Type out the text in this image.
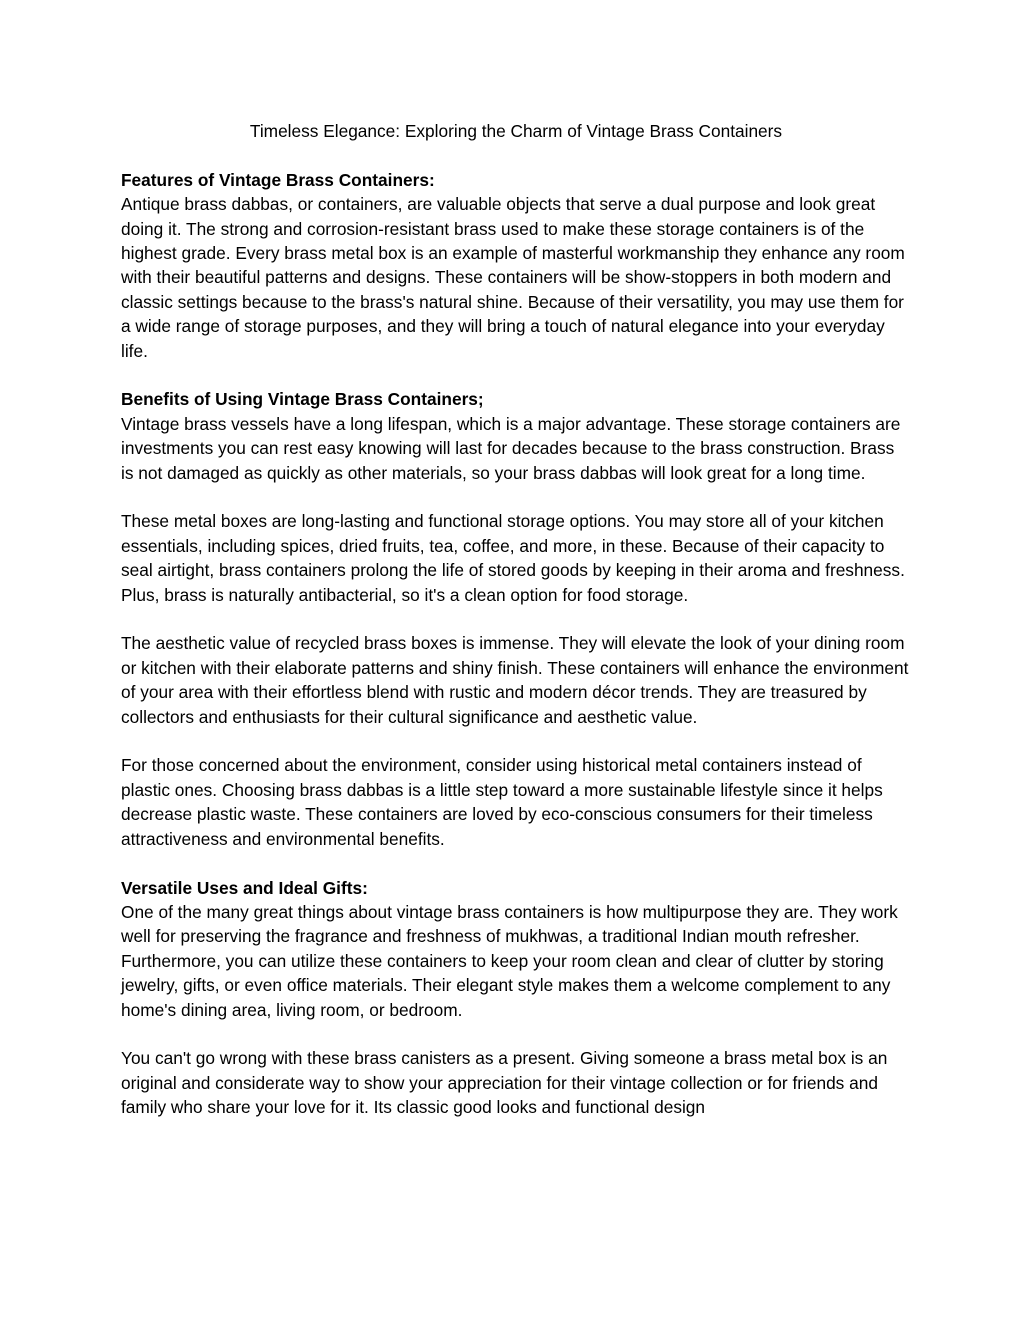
Timeless Elegance: Exploring the Charm of Vintage Brass Containers
Features of Vintage Brass Containers:

Antique brass dabbas, or containers, are valuable objects that serve a dual purpose and look great doing it. The strong and corrosion-resistant brass used to make these storage containers is of the highest grade. Every brass metal box is an example of masterful workmanship they enhance any room with their beautiful patterns and designs. These containers will be show-stoppers in both modern and classic settings because to the brass's natural shine. Because of their versatility, you may use them for a wide range of storage purposes, and they will bring a touch of natural elegance into your everyday life.

Benefits of Using Vintage Brass Containers;

Vintage brass vessels have a long lifespan, which is a major advantage. These storage containers are investments you can rest easy knowing will last for decades because to the brass construction. Brass is not damaged as quickly as other materials, so your brass dabbas will look great for a long time.

These metal boxes are long-lasting and functional storage options. You may store all of your kitchen essentials, including spices, dried fruits, tea, coffee, and more, in these. Because of their capacity to seal airtight, brass containers prolong the life of stored goods by keeping in their aroma and freshness. Plus, brass is naturally antibacterial, so it's a clean option for food storage.

The aesthetic value of recycled brass boxes is immense. They will elevate the look of your dining room or kitchen with their elaborate patterns and shiny finish. These containers will enhance the environment of your area with their effortless blend with rustic and modern décor trends. They are treasured by collectors and enthusiasts for their cultural significance and aesthetic value.

For those concerned about the environment, consider using historical metal containers instead of plastic ones. Choosing brass dabbas is a little step toward a more sustainable lifestyle since it helps decrease plastic waste. These containers are loved by eco-conscious consumers for their timeless attractiveness and environmental benefits.

Versatile Uses and Ideal Gifts:

One of the many great things about vintage brass containers is how multipurpose they are. They work well for preserving the fragrance and freshness of mukhwas, a traditional Indian mouth refresher. Furthermore, you can utilize these containers to keep your room clean and clear of clutter by storing jewelry, gifts, or even office materials. Their elegant style makes them a welcome complement to any home's dining area, living room, or bedroom.

You can't go wrong with these brass canisters as a present. Giving someone a brass metal box is an original and considerate way to show your appreciation for their vintage collection or for friends and family who share your love for it. Its classic good looks and functional design
